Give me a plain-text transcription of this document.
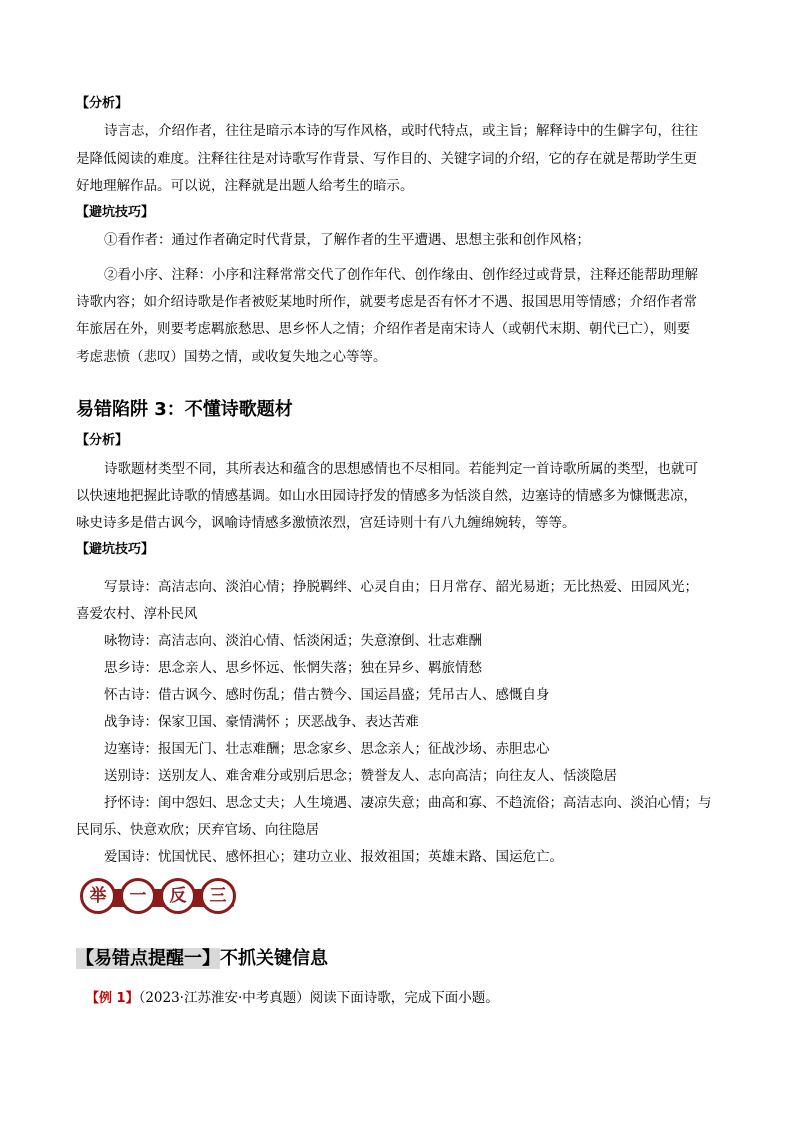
【分析】
诗言志，介绍作者，往往是暗示本诗的写作风格，或时代特点，或主旨；解释诗中的生僻字句，往往
是降低阅读的难度。注释往往是对诗歌写作背景、写作目的、关键字词的介绍，它的存在就是帮助学生更
好地理解作品。可以说，注释就是出题人给考生的暗示。
【避坑技巧】
①看作者：通过作者确定时代背景，了解作者的生平遭遇、思想主张和创作风格；
②看小序、注释：小序和注释常常交代了创作年代、创作缘由、创作经过或背景，注释还能帮助理解
诗歌内容；如介绍诗歌是作者被贬某地时所作，就要考虑是否有怀才不遇、报国思用等情感；介绍作者常
年旅居在外，则要考虑羁旅愁思、思乡怀人之情；介绍作者是南宋诗人（或朝代末期、朝代已亡），则要
考虑悲愤（悲叹）国势之情，或收复失地之心等等。
易错陷阱 3：不懂诗歌题材
【分析】
诗歌题材类型不同，其所表达和蕴含的思想感情也不尽相同。若能判定一首诗歌所属的类型，也就可
以快速地把握此诗歌的情感基调。如山水田园诗抒发的情感多为恬淡自然，边塞诗的情感多为慷慨悲凉，
咏史诗多是借古讽今，讽喻诗情感多激愤浓烈，宫廷诗则十有八九缠绵婉转，等等。
【避坑技巧】
写景诗：高洁志向、淡泊心情；挣脱羁绊、心灵自由；日月常存、韶光易逝；无比热爱、田园风光；
喜爱农村、淳朴民风
咏物诗：高洁志向、淡泊心情、恬淡闲适；失意潦倒、壮志难酬
思乡诗：思念亲人、思乡怀远、怅惘失落；独在异乡、羁旅情愁
怀古诗：借古讽今、感时伤乱；借古赞今、国运昌盛；凭吊古人、感慨自身
战争诗：保家卫国、豪情满怀 ；厌恶战争、表达苦难
边塞诗：报国无门、壮志难酬；思念家乡、思念亲人；征战沙场、赤胆忠心
送别诗：送别友人、难舍难分或别后思念；赞誉友人、志向高洁；向往友人、恬淡隐居
抒怀诗：闺中怨妇、思念丈夫；人生境遇、凄凉失意；曲高和寡、不趋流俗；高洁志向、淡泊心情；与
民同乐、快意欢欣；厌弃官场、向往隐居
爱国诗：忧国忧民、感怀担心；建功立业、报效祖国；英雄末路、国运危亡。
举	一	反	三
【易错点提醒一】不抓关键信息
【例 1】（2023·江苏淮安·中考真题）阅读下面诗歌，完成下面小题。
